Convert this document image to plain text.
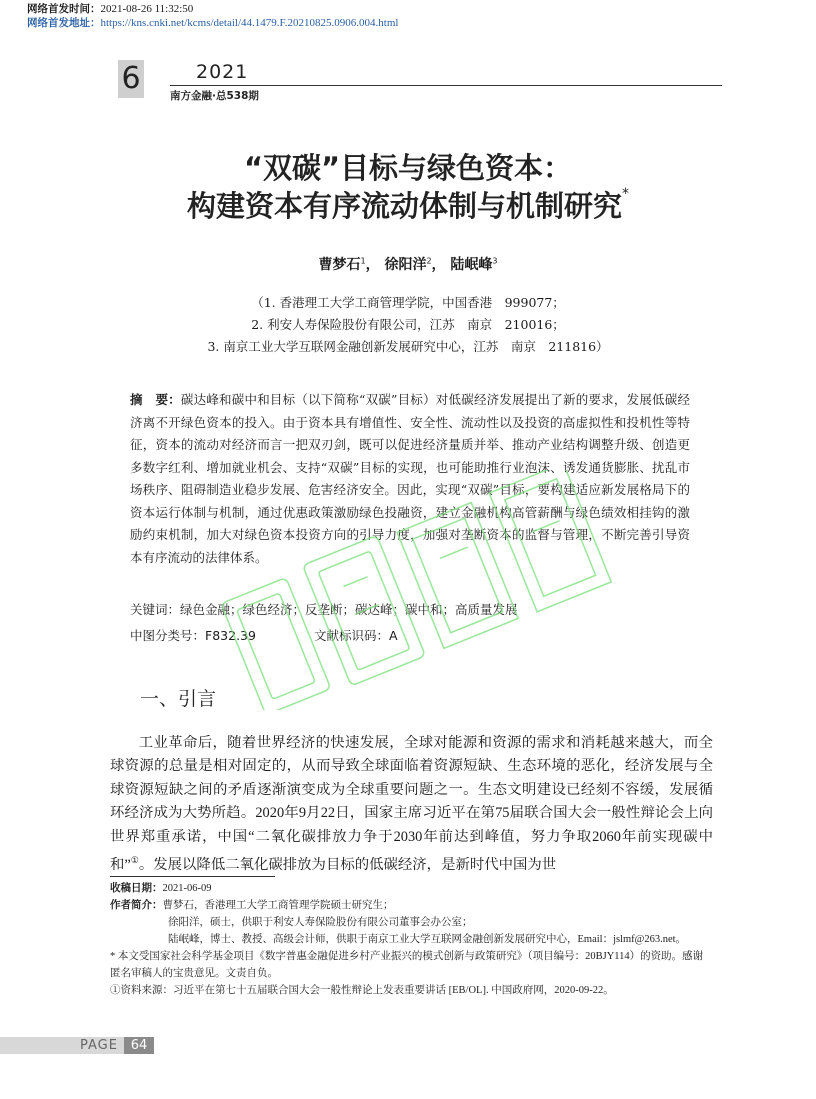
网络首发时间：2021-08-26 11:32:50
网络首发地址：https://kns.cnki.net/kcms/detail/44.1479.F.20210825.0906.004.html
6	2021
南方金融·总538期
“双碳”目标与绿色资本：
构建资本有序流动体制与机制研究*
曹梦石$^1$， 徐阳洋$^2$， 陆岷峰$^3$
（1. 香港理工大学工商管理学院，中国香港　999077；
2. 利安人寿保险股份有限公司，江苏　南京　210016；
3. 南京工业大学互联网金融创新发展研究中心，江苏　南京　211816）
摘　要：碳达峰和碳中和目标（以下简称“双碳”目标）对低碳经济发展提出了新的要求，发展低碳经济离不开绿色资本的投入。由于资本具有增值性、安全性、流动性以及投资的高虚拟性和投机性等特征，资本的流动对经济而言一把双刃剑，既可以促进经济量质并举、推动产业结构调整升级、创造更多数字红利、增加就业机会、支持“双碳”目标的实现，也可能助推行业泡沫、诱发通货膨胀、扰乱市场秩序、阻碍制造业稳步发展、危害经济安全。因此，实现“双碳”目标，要构建适应新发展格局下的资本运行体制与机制，通过优惠政策激励绿色投融资，建立金融机构高管薪酬与绿色绩效相挂钩的激励约束机制，加大对绿色资本投资方向的引导力度，加强对垄断资本的监督与管理，不断完善引导资本有序流动的法律体系。
关键词：绿色金融；绿色经济；反垄断；碳达峰；碳中和；高质量发展
中图分类号：F832.39	文献标识码：A
一、引言

工业革命后，随着世界经济的快速发展，全球对能源和资源的需求和消耗越来越大，而全球资源的总量是相对固定的，从而导致全球面临着资源短缺、生态环境的恶化，经济发展与全球资源短缺之间的矛盾逐渐演变成为全球重要问题之一。生态文明建设已经刻不容缓，发展循环经济成为大势所趋。2020年9月22日，国家主席习近平在第75届联合国大会一般性辩论会上向世界郑重承诺，中国“二氧化碳排放力争于2030年前达到峰值，努力争取2060年前实现碳中和”①。发展以降低二氧化碳排放为目标的低碳经济，是新时代中国为世

收稿日期：2021-06-09
作者简介：曹梦石，香港理工大学工商管理学院硕士研究生；
徐阳洋，硕士，供职于利安人寿保险股份有限公司董事会办公室；
陆岷峰，博士、教授、高级会计师，供职于南京工业大学互联网金融创新发展研究中心，Email：jslmf@263.net。
* 本文受国家社会科学基金项目《数字普惠金融促进乡村产业振兴的模式创新与政策研究》（项目编号：20BJY114）的资助。感谢匿名审稿人的宝贵意见。文责自负。
①资料来源：习近平在第七十五届联合国大会一般性辩论上发表重要讲话 [EB/OL]. 中国政府网，2020-09-22。
PAGE 64
